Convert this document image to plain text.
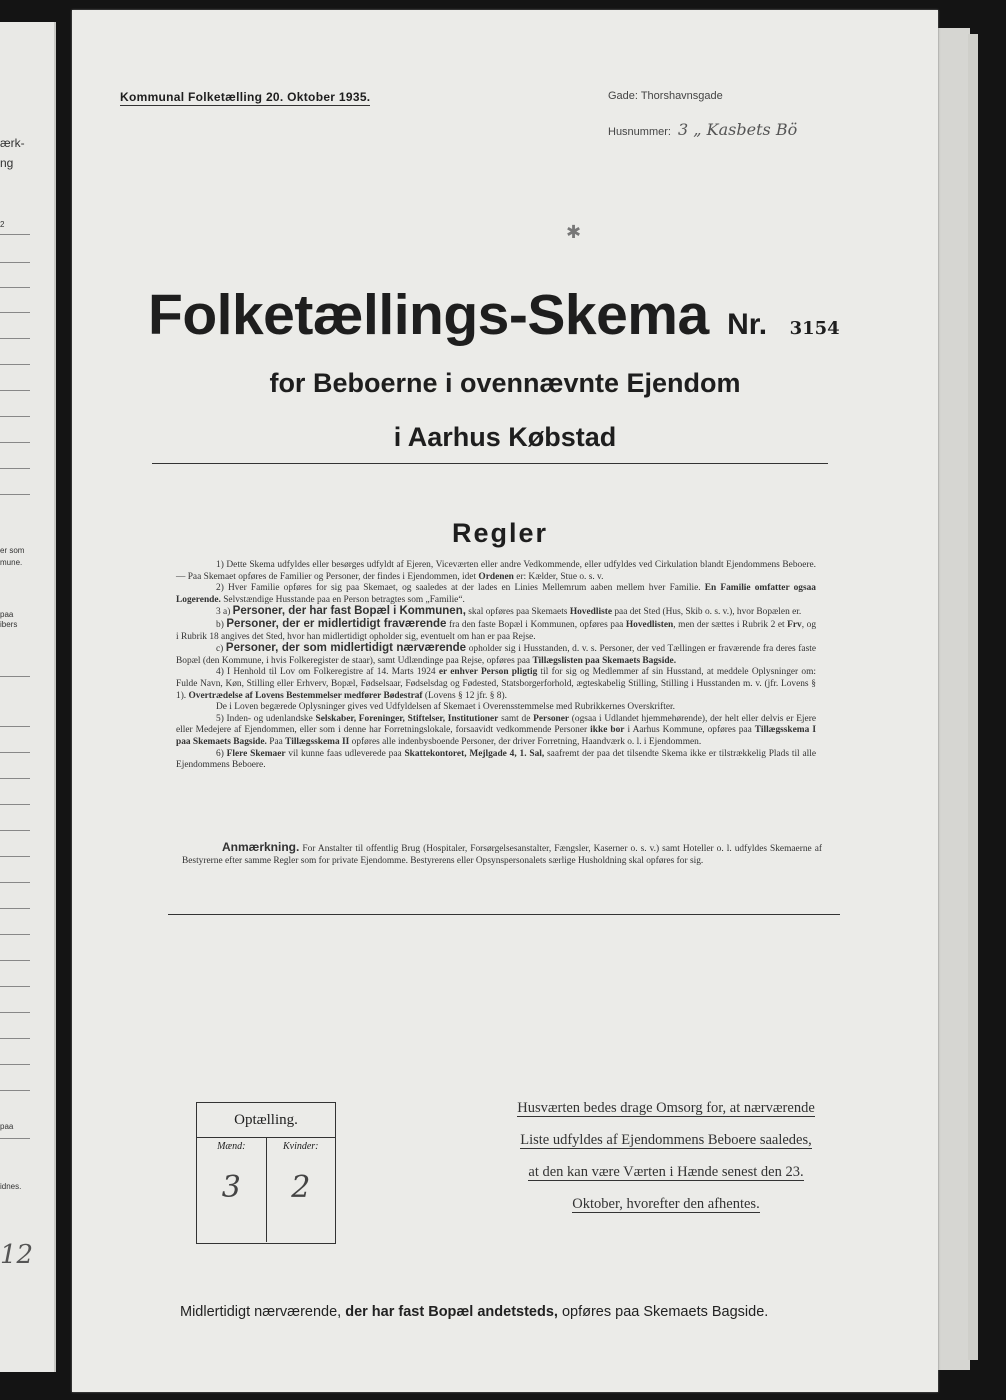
ærk-
ng
2
er som
mune.
paa
ibers
paa
idnes.
12
Kommunal Folketælling 20. Oktober 1935.	Gade: Thorshavnsgade
Husnummer: 3 „ Kasbets Bö
✱
Folketællings-Skema Nr. 3154
for Beboerne i ovennævnte Ejendom
i Aarhus Købstad
Regler

1) Dette Skema udfyldes eller besørges udfyldt af Ejeren, Viceværten eller andre Vedkommende, eller udfyldes ved Cirkulation blandt Ejendommens Beboere. — Paa Skemaet opføres de Familier og Personer, der findes i Ejendommen, idet Ordenen er: Kælder, Stue o. s. v.

2) Hver Familie opføres for sig paa Skemaet, og saaledes at der lades en Linies Mellemrum aaben mellem hver Familie. En Familie omfatter ogsaa Logerende. Selvstændige Husstande paa en Person betragtes som „Familie“.

3 a) Personer, der har fast Bopæl i Kommunen, skal opføres paa Skemaets Hovedliste paa det Sted (Hus, Skib o. s. v.), hvor Bopælen er.

b) Personer, der er midlertidigt fraværende fra den faste Bopæl i Kommunen, opføres paa Hovedlisten, men der sættes i Rubrik 2 et Frv, og i Rubrik 18 angives det Sted, hvor han midlertidigt opholder sig, eventuelt om han er paa Rejse.

c) Personer, der som midlertidigt nærværende opholder sig i Husstanden, d. v. s. Personer, der ved Tællingen er fraværende fra deres faste Bopæl (den Kommune, i hvis Folkeregister de staar), samt Udlændinge paa Rejse, opføres paa Tillægslisten paa Skemaets Bagside.

4) I Henhold til Lov om Folkeregistre af 14. Marts 1924 er enhver Person pligtig til for sig og Medlemmer af sin Husstand, at meddele Oplysninger om: Fulde Navn, Køn, Stilling eller Erhverv, Bopæl, Fødselsaar, Fødselsdag og Fødested, Statsborgerforhold, ægteskabelig Stilling, Stilling i Husstanden m. v. (jfr. Lovens § 1). Overtrædelse af Lovens Bestemmelser medfører Bødestraf (Lovens § 12 jfr. § 8).

De i Loven begærede Oplysninger gives ved Udfyldelsen af Skemaet i Overensstemmelse med Rubrikkernes Overskrifter.

5) Inden- og udenlandske Selskaber, Foreninger, Stiftelser, Institutioner samt de Personer (ogsaa i Udlandet hjemmehørende), der helt eller delvis er Ejere eller Medejere af Ejendommen, eller som i denne har Forretningslokale, forsaavidt vedkommende Personer ikke bor i Aarhus Kommune, opføres paa Tillægsskema I paa Skemaets Bagside. Paa Tillægsskema II opføres alle indenbysboende Personer, der driver Forretning, Haandværk o. l. i Ejendommen.

6) Flere Skemaer vil kunne faas udleverede paa Skattekontoret, Mejlgade 4, 1. Sal, saafremt der paa det tilsendte Skema ikke er tilstrækkelig Plads til alle Ejendommens Beboere.

Anmærkning. For Anstalter til offentlig Brug (Hospitaler, Forsørgelsesanstalter, Fængsler, Kaserner o. s. v.) samt Hoteller o. l. udfyldes Skemaerne af Bestyrerne efter samme Regler som for private Ejendomme. Bestyrerens eller Opsynspersonalets særlige Husholdning skal opføres for sig.
Optælling.
Mænd:
3
Kvinder:
2
Husværten bedes drage Omsorg for, at nærværende
Liste udfyldes af Ejendommens Beboere saaledes,
at den kan være Værten i Hænde senest den 23.
Oktober, hvorefter den afhentes.
Midlertidigt nærværende, der har fast Bopæl andetsteds, opføres paa Skemaets Bagside.
